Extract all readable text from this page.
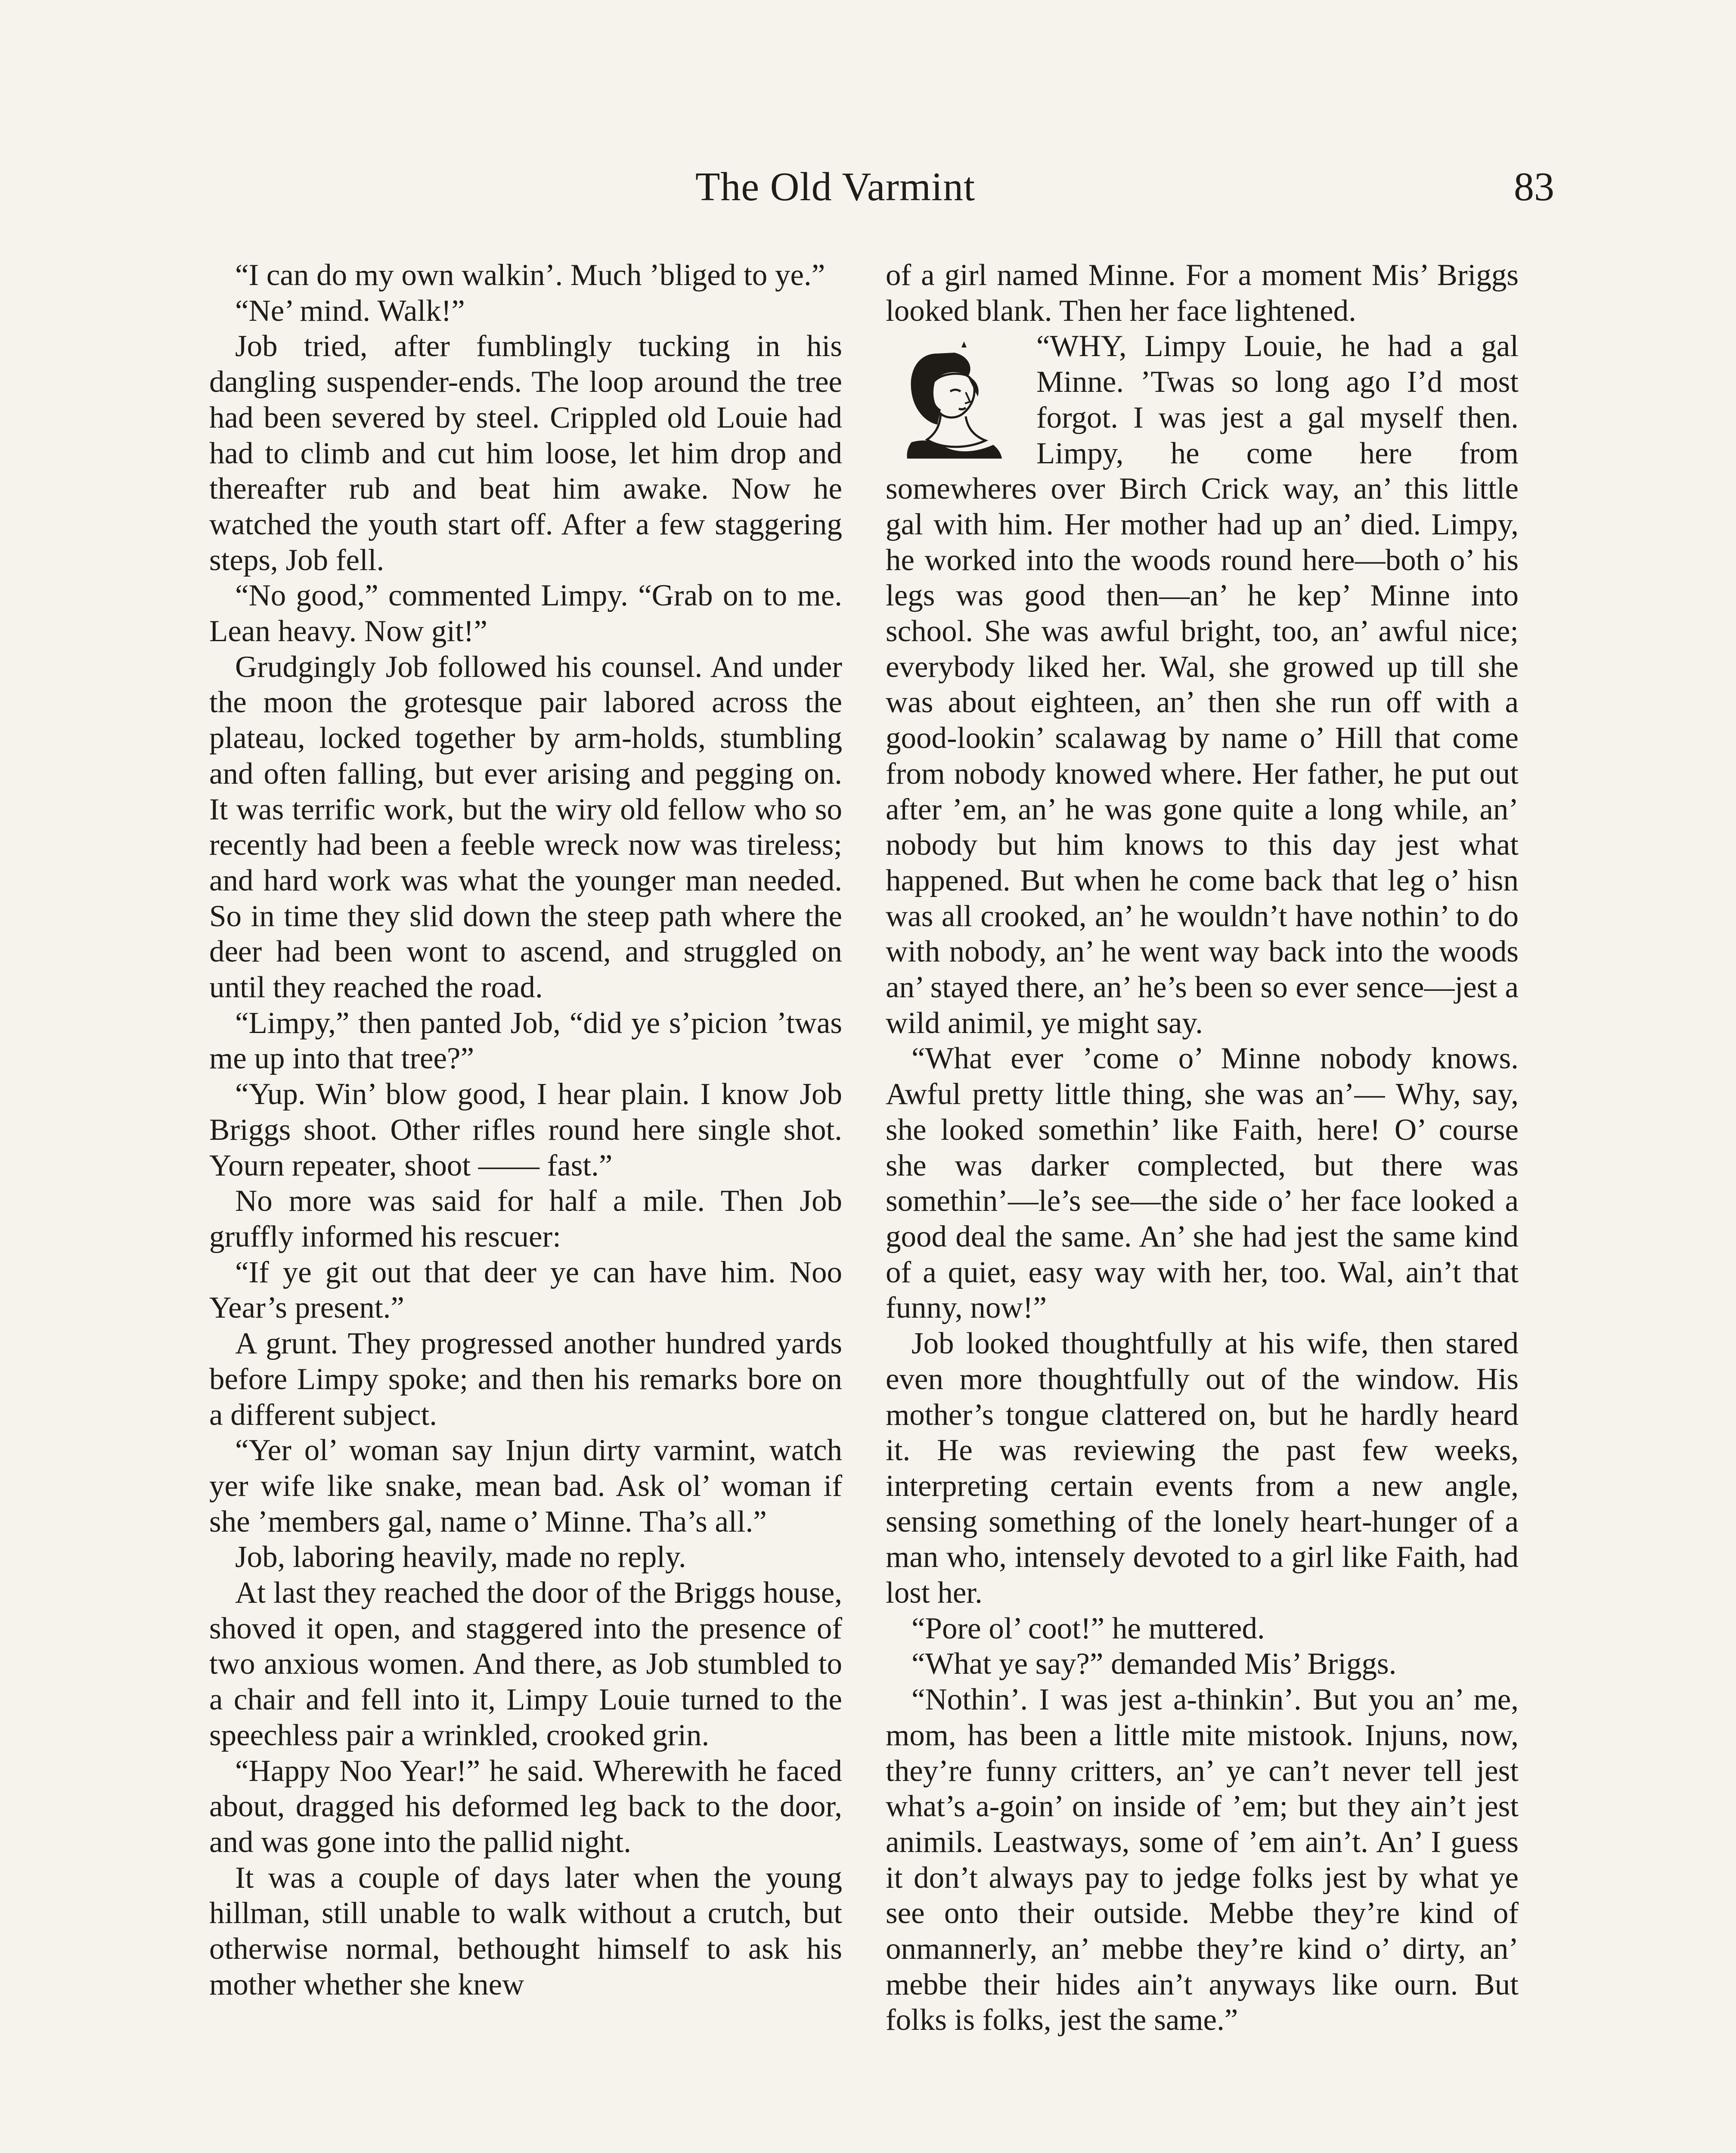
The Old Varmint	83

“I can do my own walkin’. Much ’bliged to ye.”

“Ne’ mind. Walk!”

Job tried, after fumblingly tucking in his dangling suspender-ends. The loop around the tree had been severed by steel. Crippled old Louie had had to climb and cut him loose, let him drop and thereafter rub and beat him awake. Now he watched the youth start off. After a few staggering steps, Job fell.

“No good,” commented Limpy. “Grab on to me. Lean heavy. Now git!”

Grudgingly Job followed his counsel. And under the moon the grotesque pair labored across the plateau, locked together by arm-holds, stumbling and often falling, but ever arising and pegging on. It was terrific work, but the wiry old fellow who so recently had been a feeble wreck now was tireless; and hard work was what the younger man needed. So in time they slid down the steep path where the deer had been wont to ascend, and struggled on until they reached the road.

“Limpy,” then panted Job, “did ye s’picion ’twas me up into that tree?”

“Yup. Win’ blow good, I hear plain. I know Job Briggs shoot. Other rifles round here single shot. Yourn repeater, shoot —— fast.”

No more was said for half a mile. Then Job gruffly informed his rescuer:

“If ye git out that deer ye can have him. Noo Year’s present.”

A grunt. They progressed another hundred yards before Limpy spoke; and then his remarks bore on a different subject.

“Yer ol’ woman say Injun dirty varmint, watch yer wife like snake, mean bad. Ask ol’ woman if she ’members gal, name o’ Minne. Tha’s all.”

Job, laboring heavily, made no reply.

At last they reached the door of the Briggs house, shoved it open, and staggered into the presence of two anxious women. And there, as Job stumbled to a chair and fell into it, Limpy Louie turned to the speechless pair a wrinkled, crooked grin.

“Happy Noo Year!” he said. Wherewith he faced about, dragged his deformed leg back to the door, and was gone into the pallid night.

It was a couple of days later when the young hillman, still unable to walk without a crutch, but otherwise normal, bethought himself to ask his mother whether she knew

of a girl named Minne. For a moment Mis’ Briggs looked blank. Then her face lightened.

“WHY, Limpy Louie, he had a gal Minne. ’Twas so long ago I’d most forgot. I was jest a gal myself then. Limpy, he come here from somewheres over Birch Crick way, an’ this little gal with him. Her mother had up an’ died. Limpy, he worked into the woods round here—both o’ his legs was good then—an’ he kep’ Minne into school. She was awful bright, too, an’ awful nice; everybody liked her. Wal, she growed up till she was about eighteen, an’ then she run off with a good-lookin’ scalawag by name o’ Hill that come from nobody knowed where. Her father, he put out after ’em, an’ he was gone quite a long while, an’ nobody but him knows to this day jest what happened. But when he come back that leg o’ hisn was all crooked, an’ he wouldn’t have nothin’ to do with nobody, an’ he went way back into the woods an’ stayed there, an’ he’s been so ever sence—jest a wild animil, ye might say.

“What ever ’come o’ Minne nobody knows. Awful pretty little thing, she was an’— Why, say, she looked somethin’ like Faith, here! O’ course she was darker complected, but there was somethin’—le’s see—the side o’ her face looked a good deal the same. An’ she had jest the same kind of a quiet, easy way with her, too. Wal, ain’t that funny, now!”

Job looked thoughtfully at his wife, then stared even more thoughtfully out of the window. His mother’s tongue clattered on, but he hardly heard it. He was reviewing the past few weeks, interpreting certain events from a new angle, sensing something of the lonely heart-hunger of a man who, intensely devoted to a girl like Faith, had lost her.

“Pore ol’ coot!” he muttered.

“What ye say?” demanded Mis’ Briggs.

“Nothin’. I was jest a-thinkin’. But you an’ me, mom, has been a little mite mistook. Injuns, now, they’re funny critters, an’ ye can’t never tell jest what’s a-goin’ on inside of ’em; but they ain’t jest animils. Leastways, some of ’em ain’t. An’ I guess it don’t always pay to jedge folks jest by what ye see onto their outside. Mebbe they’re kind of onmannerly, an’ mebbe they’re kind o’ dirty, an’ mebbe their hides ain’t anyways like ourn. But folks is folks, jest the same.”
